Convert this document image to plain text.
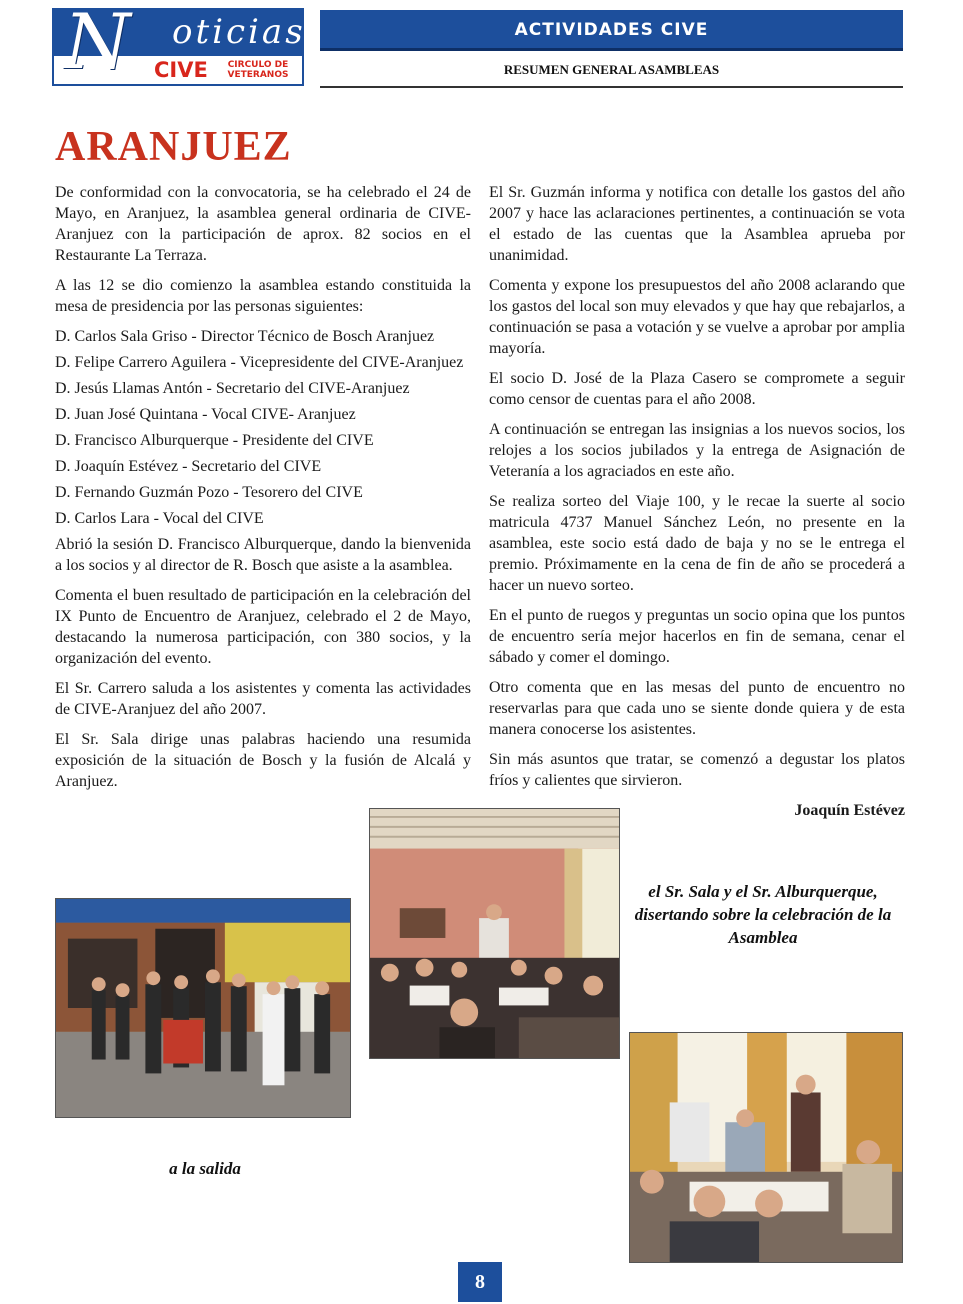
N oticias
CIVE	CIRCULO DE
VETERANOS
ACTIVIDADES CIVE
RESUMEN GENERAL ASAMBLEAS
ARANJUEZ

De conformidad con la convocatoria, se ha celebrado el 24 de Mayo, en Aranjuez, la asamblea general ordinaria de CIVE-Aranjuez con la participación de aprox. 82 socios en el Restaurante La Terraza.

A las 12 se dio comienzo la asamblea estando constituida la mesa de presidencia por las personas siguientes:

D. Carlos Sala Griso - Director Técnico de Bosch Aranjuez

D. Felipe Carrero Aguilera - Vicepresidente del CIVE-Aranjuez

D. Jesús Llamas Antón - Secretario del CIVE-Aranjuez

D. Juan José Quintana - Vocal CIVE- Aranjuez

D. Francisco Alburquerque - Presidente del CIVE

D. Joaquín Estévez - Secretario del CIVE

D. Fernando Guzmán Pozo - Tesorero del CIVE

D. Carlos Lara - Vocal del CIVE

Abrió la sesión D. Francisco Alburquerque, dando la bienvenida a los socios y al director de R. Bosch que asiste a la asamblea.

Comenta el buen resultado de participación en la celebración del IX Punto de Encuentro de Aranjuez, celebrado el 2 de Mayo, destacando la numerosa participación, con 380 socios, y la organización del evento.

El Sr. Carrero saluda a los asistentes y comenta las actividades de CIVE-Aranjuez del año 2007.

El Sr. Sala dirige unas palabras haciendo una resumida exposición de la situación de Bosch y la fusión de Alcalá y Aranjuez.

El Sr. Guzmán informa y notifica con detalle los gastos del año 2007 y hace las aclaraciones pertinentes, a continuación se vota el estado de las cuentas que la Asamblea aprueba por unanimidad.

Comenta y expone los presupuestos del año 2008 aclarando que los gastos del local son muy elevados y que hay que rebajarlos, a continuación se pasa a votación y se vuelve a aprobar por amplia mayoría.

El socio D. José de la Plaza Casero se compromete a seguir como censor de cuentas para el año 2008.

A continuación se entregan las insignias a los nuevos socios, los relojes a los socios jubilados y la entrega de Asignación de Veteranía a los agraciados en este año.

Se realiza sorteo del Viaje 100, y le recae la suerte al socio matricula 4737 Manuel Sánchez León, no presente en la asamblea, este socio está dado de baja y no se le entrega el premio. Próximamente en la cena de fin de año se procederá a hacer un nuevo sorteo.

En el punto de ruegos y preguntas un socio opina que los puntos de encuentro sería mejor hacerlos en fin de semana, cenar el sábado y comer el domingo.

Otro comenta que en las mesas del punto de encuentro no reservarlas para que cada uno se siente donde quiera y de esta manera conocerse los asistentes.

Sin más asuntos que tratar, se comenzó a degustar los platos fríos y calientes que sirvieron.

Joaquín Estévez

a la salida
el Sr. Sala y el Sr. Alburquerque, disertando sobre la celebración de la Asamblea
8
